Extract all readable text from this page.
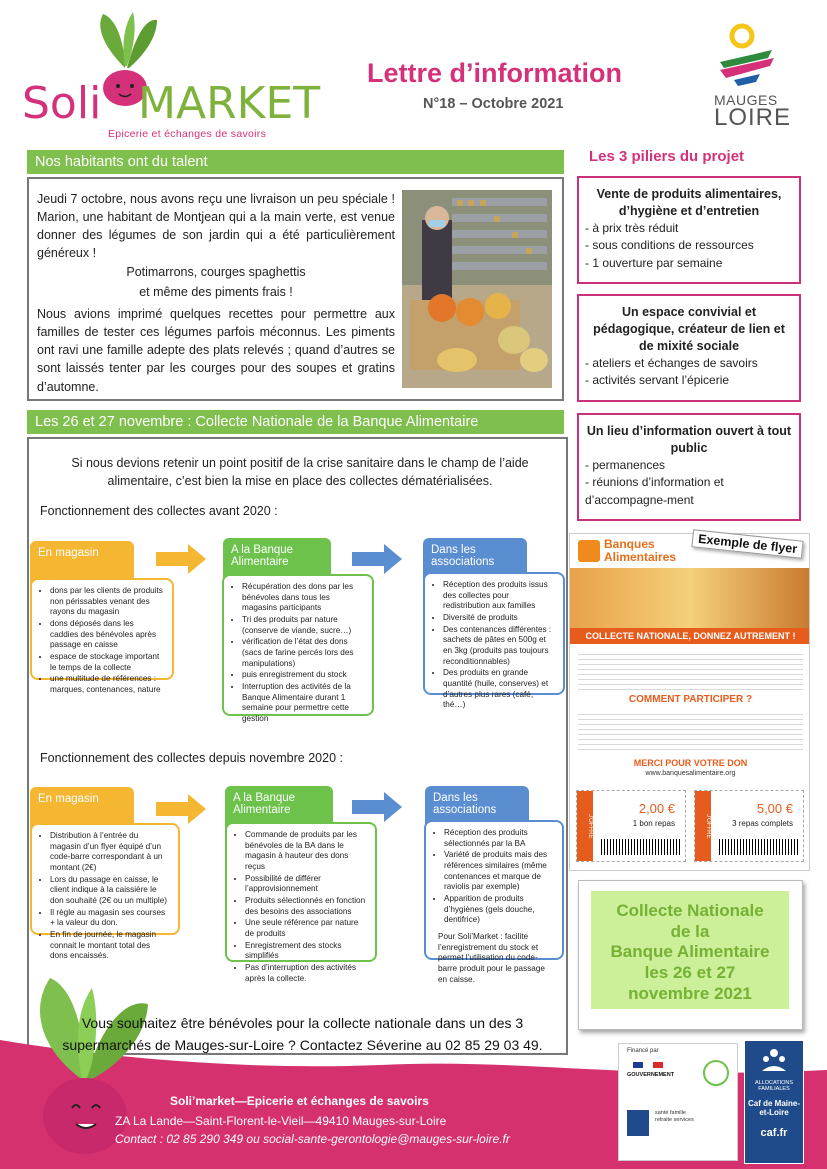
Soli MARKET
Epicerie et échanges de savoirs
Lettre d’information
N°18 – Octobre 2021	MAUGES
LOIRE
Nos habitants ont du talent
Jeudi 7 octobre, nous avons reçu une livraison un peu spéciale ! Marion, une habitant de Montjean qui a la main verte, est venue donner des légumes de son jardin qui a été particulièrement généreux !
Potimarrons, courges spaghettis
et même des piments frais !
Nous avions imprimé quelques recettes pour permettre aux familles de tester ces légumes parfois méconnus. Les piments ont ravi une famille adepte des plats relevés ; quand d’autres se sont laissés tenter par les courges pour des soupes et gratins d’automne.
Les 26 et 27 novembre : Collecte Nationale de la Banque Alimentaire
Si nous devions retenir un point positif de la crise sanitaire dans le champ de l’aide alimentaire, c’est bien la mise en place des collectes dématérialisées.
Fonctionnement des collectes avant 2020 :
En magasin
• dons par les clients de produits non périssables venant des rayons du magasin
• dons déposés dans les caddies des bénévoles après passage en caisse
• espace de stockage important le temps de la collecte
• une multitude de références : marques, contenances, nature
A la Banque Alimentaire
• Récupération des dons par les bénévoles dans tous les magasins participants
• Tri des produits par nature (conserve de viande, sucre…)
• vérification de l’état des dons (sacs de farine percés lors des manipulations)
• puis enregistrement du stock
• Interruption des activités de la Banque Alimentaire durant 1 semaine pour permettre cette gestion
Dans les associations
• Réception des produits issus des collectes pour redistribution aux familles
• Diversité de produits
• Des contenances différentes : sachets de pâtes en 500g et en 3kg (produits pas toujours reconditionnables)
• Des produits en grande quantité (huile, conserves) et d’autres plus rares (café, thé…)
Fonctionnement des collectes depuis novembre 2020 :
En magasin
• Distribution à l’entrée du magasin d’un flyer équipé d’un code-barre correspondant à un montant (2€)
• Lors du passage en caisse, le client indique à la caissière le don souhaité (2€ ou un multiple)
• Il règle au magasin ses courses + la valeur du don.
• En fin de journée, le magasin connait le montant total des dons encaissés.
A la Banque Alimentaire
• Commande de produits par les bénévoles de la BA dans le magasin à hauteur des dons reçus
• Possibilité de différer l’approvisionnement
• Produits sélectionnés en fonction des besoins des associations
• Une seule référence par nature de produits
• Enregistrement des stocks simplifiés
• Pas d’interruption des activités après la collecte.
Dans les associations
• Réception des produits sélectionnés par la BA
• Variété de produits mais des références similaires (même contenances et marque de raviolis par exemple)
• Apparition de produits d’hygiènes (gels douche, dentifrice)
Pour Soli’Market : facilite l’enregistrement du stock et permet l’utilisation du code-barre produit pour le passage en caisse.
Vous souhaitez être bénévoles pour la collecte nationale dans un des 3 supermarchés de Mauges-sur-Loire ? Contactez Séverine au 02 85 29 03 49.
Les 3 piliers du projet
Vente de produits alimentaires, d’hygiène et d’entretien
- à prix très réduit
- sous conditions de ressources
- 1 ouverture par semaine
Un espace convivial et pédagogique, créateur de lien et de mixité sociale
- ateliers et échanges de savoirs
- activités servant l’épicerie
Un lieu d’information ouvert à tout public
- permanences
- réunions d’information et d’accompagne-ment
Banques
Alimentaires
COLLECTE NATIONALE, DONNEZ AUTREMENT !
COMMENT PARTICIPER ?
MERCI POUR VOTRE DON
www.banquesalimentaire.org
J'OFFRE
2,00 €
1 bon repas	J'OFFRE
5,00 €
3 repas complets
Exemple de flyer
Collecte Nationale
de la
Banque Alimentaire
les 26 et 27
novembre 2021
Soli’market—Epicerie et échanges de savoirs
ZA La Lande—Saint-Florent-le-Vieil—49410 Mauges-sur-Loire
Contact : 02 85 290 349 ou social-sante-gerontologie@mauges-sur-loire.fr
Financé par
GOUVERNEMENT
santé famille retraite services
ALLOCATIONS FAMILIALES
Caf de Maine-et-Loire
caf.fr
